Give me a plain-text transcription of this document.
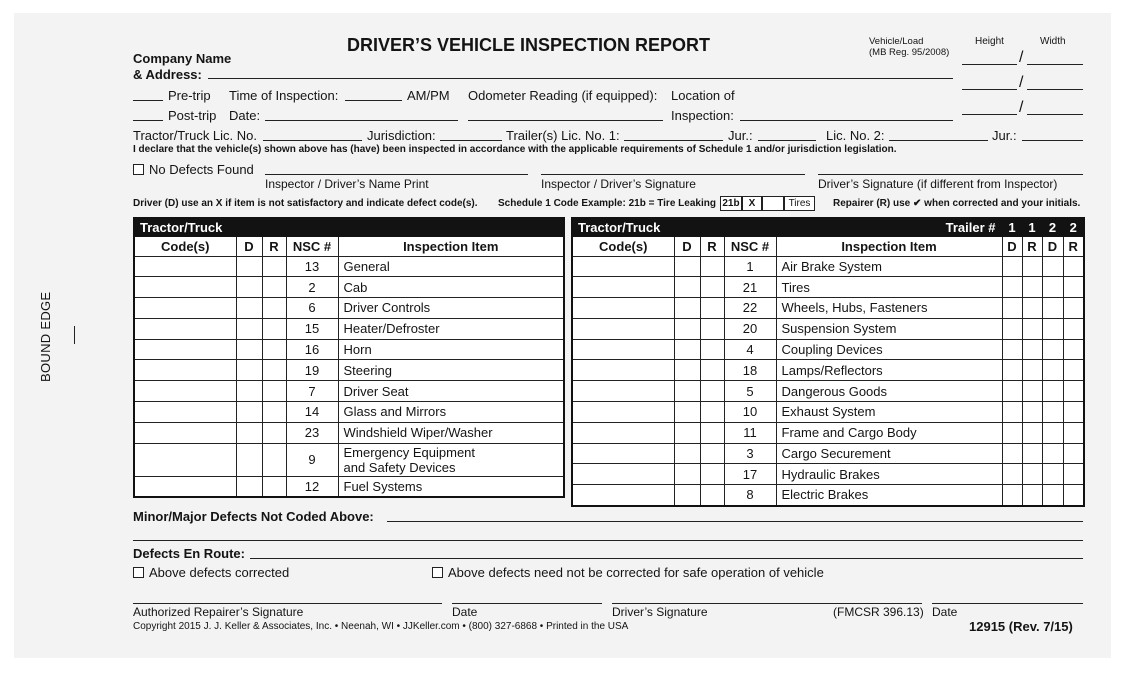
BOUND EDGE
DRIVER’S VEHICLE INSPECTION REPORT
Company Name
& Address:
Vehicle/Load
(MB Reg. 95/2008)
Height	Width
/
/
/
Pre-trip Time of Inspection:	AM/PM Odometer Reading (if equipped): Location of
Post-trip Date:	Inspection:
Tractor/Truck Lic. No.	Jurisdiction:	Trailer(s) Lic. No. 1:	Jur.:	Lic. No. 2:	Jur.:
I declare that the vehicle(s) shown above has (have) been inspected in accordance with the applicable requirements of Schedule 1 and/or jurisdiction legislation.
No Defects Found
Inspector / Driver’s Name Print	Inspector / Driver’s Signature	Driver’s Signature (if different from Inspector)
Driver (D) use an X if item is not satisfactory and indicate defect code(s). Schedule 1 Code Example: 21b = Tire Leaking 21b X	Tires	Repairer (R) use ✔ when corrected and your initials.
Tractor/Truck				
Code(s)	D	R	NSC #	Inspection Item
			13	General
			2	Cab
			6	Driver Controls
			15	Heater/Defroster
			16	Horn
			19	Steering
			7	Driver Seat
			14	Glass and Mirrors
			23	Windshield Wiper/Washer
			9	Emergency Equipment
and Safety Devices
			12	Fuel Systems
Tractor/Truck				Trailer #	1	1	2	2
Code(s)	D	R	NSC #	Inspection Item	D	R	D	R
			1	Air Brake System				
			21	Tires				
			22	Wheels, Hubs, Fasteners				
			20	Suspension System				
			4	Coupling Devices				
			18	Lamps/Reflectors				
			5	Dangerous Goods				
			10	Exhaust System				
			11	Frame and Cargo Body				
			3	Cargo Securement				
			17	Hydraulic Brakes				
			8	Electric Brakes				
Minor/Major Defects Not Coded Above:
Defects En Route:
Above defects corrected	Above defects need not be corrected for safe operation of vehicle
Authorized Repairer’s Signature	Date	Driver’s Signature	(FMCSR 396.13) Date
Copyright 2015 J. J. Keller & Associates, Inc. • Neenah, WI • JJKeller.com • (800) 327-6868 • Printed in the USA	12915 (Rev. 7/15)
